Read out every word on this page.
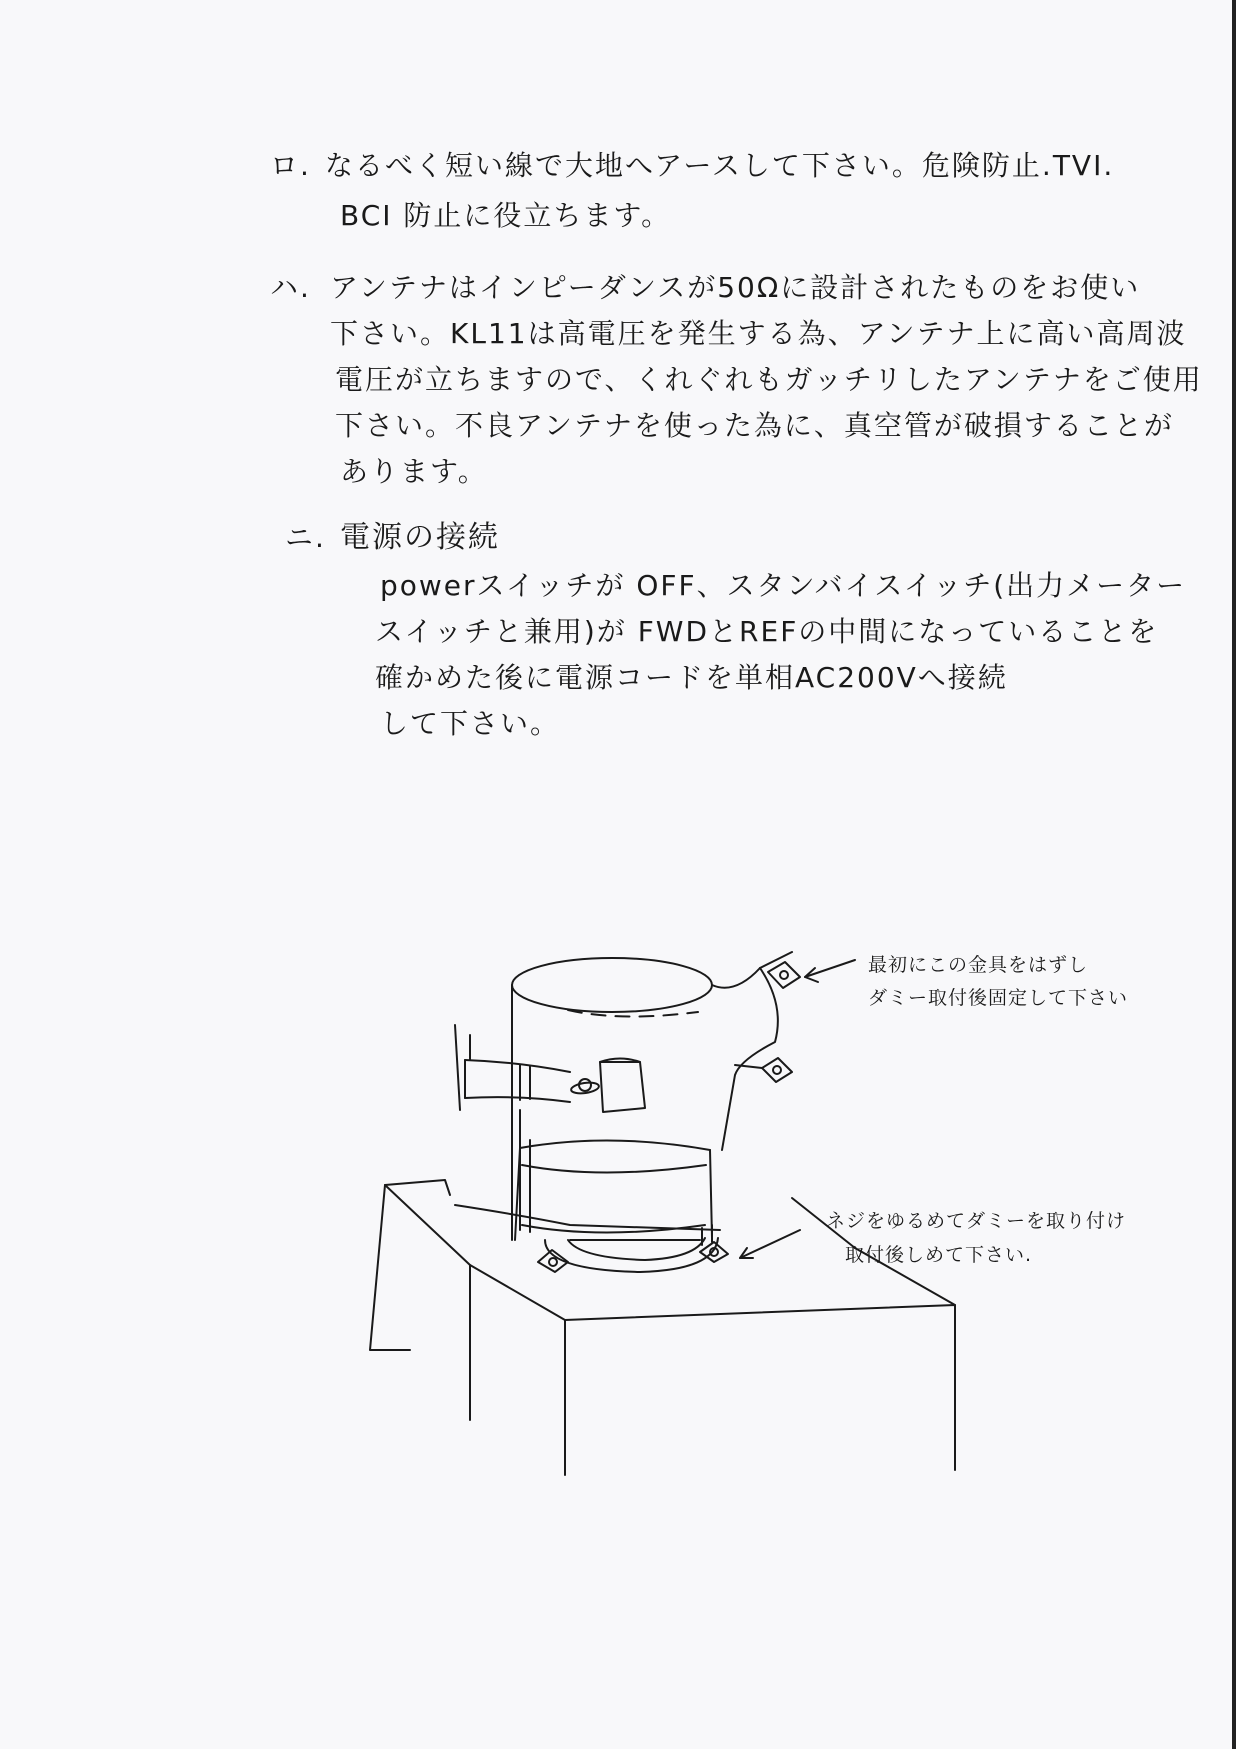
ロ. なるべく短い線で大地へアースして下さい。危険防止.TVI.
BCI 防止に役立ちます。
ハ. アンテナはインピーダンスが50Ωに設計されたものをお使い
下さい。KL11は高電圧を発生する為、アンテナ上に高い高周波
電圧が立ちますので、くれぐれもガッチリしたアンテナをご使用
下さい。不良アンテナを使った為に、真空管が破損することが
あります。
ニ. 電源の接続
powerスイッチが OFF、スタンバイスイッチ(出力メーター
スイッチと兼用)が FWDとREFの中間になっていることを
確かめた後に電源コードを単相AC200Vへ接続
して下さい。
最初にこの金具をはずし
ダミー取付後固定して下さい
ネジをゆるめてダミーを取り付け
取付後しめて下さい.
